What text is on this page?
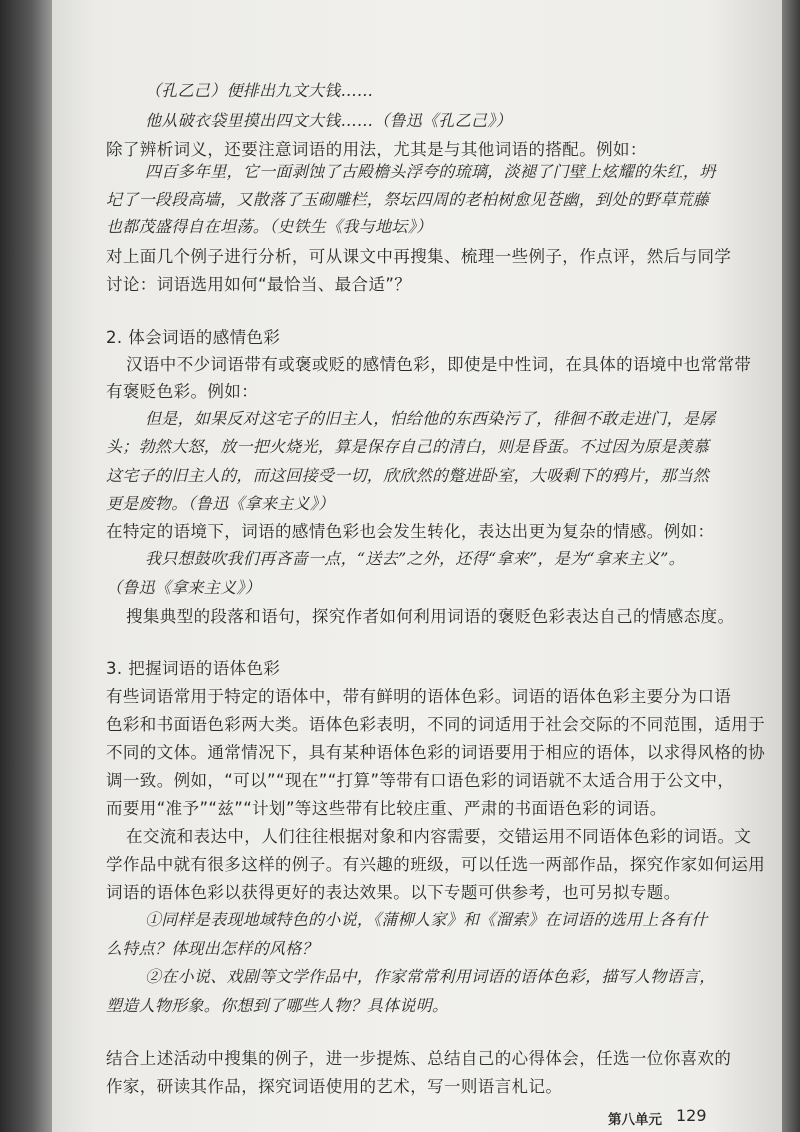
（孔乙己）便排出九文大钱……
他从破衣袋里摸出四文大钱……（鲁迅《孔乙己》）
除了辨析词义，还要注意词语的用法，尤其是与其他词语的搭配。例如：
四百多年里，它一面剥蚀了古殿檐头浮夸的琉璃，淡褪了门壁上炫耀的朱红，坍
圮了一段段高墙，又散落了玉砌雕栏，祭坛四周的老柏树愈见苍幽，到处的野草荒藤
也都茂盛得自在坦荡。（史铁生《我与地坛》）
对上面几个例子进行分析，可从课文中再搜集、梳理一些例子，作点评，然后与同学
讨论：词语选用如何“最恰当、最合适”？
2. 体会词语的感情色彩
汉语中不少词语带有或褒或贬的感情色彩，即使是中性词，在具体的语境中也常常带
有褒贬色彩。例如：
但是，如果反对这宅子的旧主人，怕给他的东西染污了，徘徊不敢走进门，是孱
头；勃然大怒，放一把火烧光，算是保存自己的清白，则是昏蛋。不过因为原是羡慕
这宅子的旧主人的，而这回接受一切，欣欣然的蹩进卧室，大吸剩下的鸦片，那当然
更是废物。（鲁迅《拿来主义》）
在特定的语境下，词语的感情色彩也会发生转化，表达出更为复杂的情感。例如：
我只想鼓吹我们再吝啬一点，“送去”之外，还得“拿来”，是为“拿来主义”。
（鲁迅《拿来主义》）
搜集典型的段落和语句，探究作者如何利用词语的褒贬色彩表达自己的情感态度。
3. 把握词语的语体色彩
有些词语常用于特定的语体中，带有鲜明的语体色彩。词语的语体色彩主要分为口语
色彩和书面语色彩两大类。语体色彩表明，不同的词适用于社会交际的不同范围，适用于
不同的文体。通常情况下，具有某种语体色彩的词语要用于相应的语体，以求得风格的协
调一致。例如，“可以”“现在”“打算”等带有口语色彩的词语就不太适合用于公文中，
而要用“准予”“兹”“计划”等这些带有比较庄重、严肃的书面语色彩的词语。
在交流和表达中，人们往往根据对象和内容需要，交错运用不同语体色彩的词语。文
学作品中就有很多这样的例子。有兴趣的班级，可以任选一两部作品，探究作家如何运用
词语的语体色彩以获得更好的表达效果。以下专题可供参考，也可另拟专题。
①同样是表现地域特色的小说，《蒲柳人家》和《溜索》在词语的选用上各有什
么特点？体现出怎样的风格？
②在小说、戏剧等文学作品中，作家常常利用词语的语体色彩，描写人物语言，
塑造人物形象。你想到了哪些人物？具体说明。
结合上述活动中搜集的例子，进一步提炼、总结自己的心得体会，任选一位你喜欢的
作家，研读其作品，探究词语使用的艺术，写一则语言札记。
第八单元 129
